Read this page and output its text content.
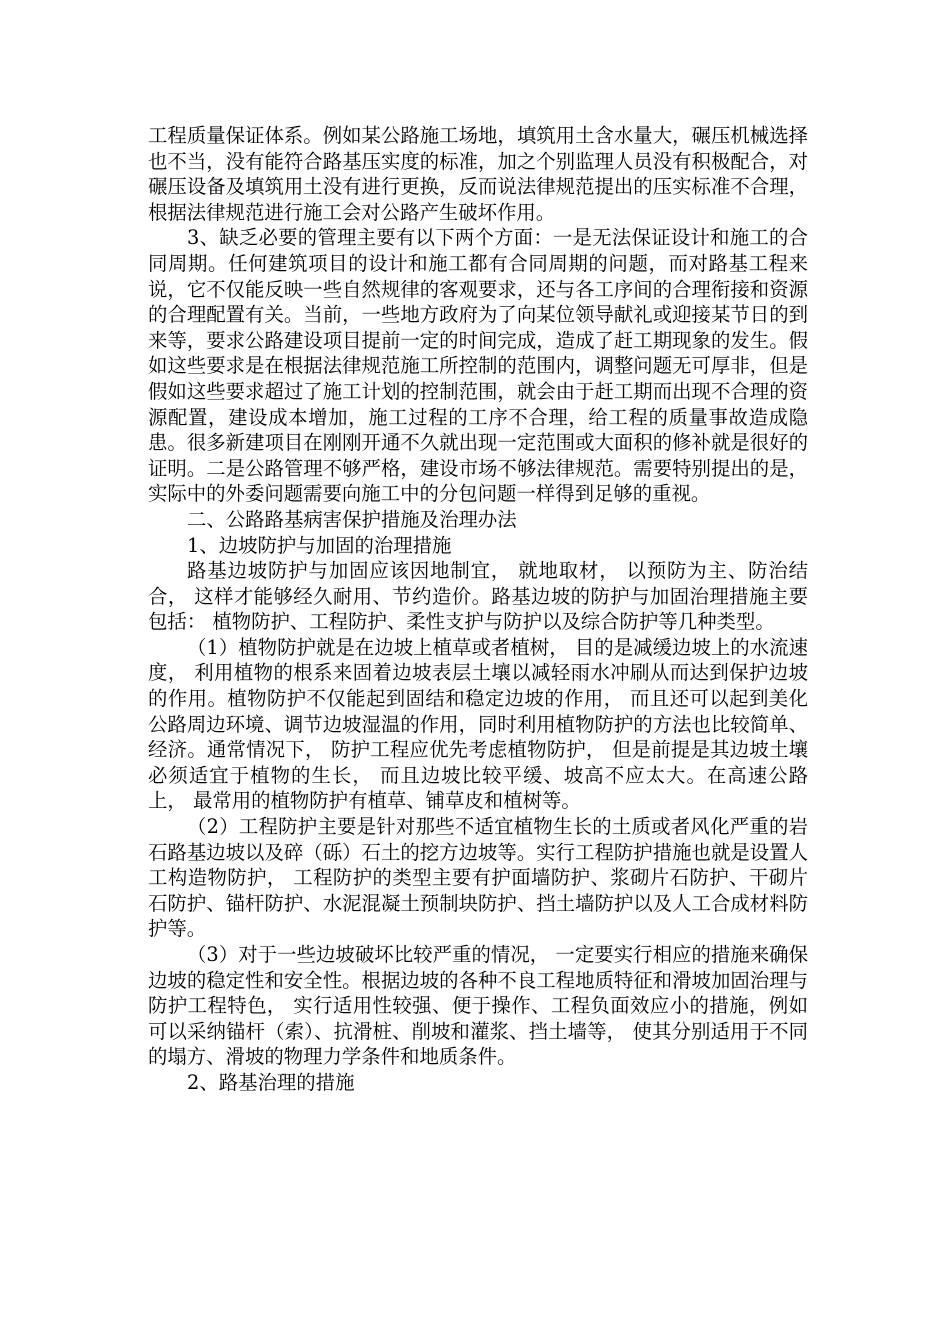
工程质量保证体系。例如某公路施工场地，填筑用土含水量大，碾压机械选择也不当，没有能符合路基压实度的标准，加之个别监理人员没有积极配合，对碾压设备及填筑用土没有进行更换，反而说法律规范提出的压实标准不合理，根据法律规范进行施工会对公路产生破坏作用。

3、缺乏必要的管理主要有以下两个方面：一是无法保证设计和施工的合同周期。任何建筑项目的设计和施工都有合同周期的问题，而对路基工程来说，它不仅能反映一些自然规律的客观要求，还与各工序间的合理衔接和资源的合理配置有关。当前，一些地方政府为了向某位领导献礼或迎接某节日的到来等，要求公路建设项目提前一定的时间完成，造成了赶工期现象的发生。假如这些要求是在根据法律规范施工所控制的范围内，调整问题无可厚非，但是假如这些要求超过了施工计划的控制范围，就会由于赶工期而出现不合理的资源配置，建设成本增加，施工过程的工序不合理，给工程的质量事故造成隐患。很多新建项目在刚刚开通不久就出现一定范围或大面积的修补就是很好的证明。二是公路管理不够严格，建设市场不够法律规范。需要特别提出的是，实际中的外委问题需要向施工中的分包问题一样得到足够的重视。

二、公路路基病害保护措施及治理办法

1、边坡防护与加固的治理措施

路基边坡防护与加固应该因地制宜， 就地取材， 以预防为主、防治结合， 这样才能够经久耐用、节约造价。路基边坡的防护与加固治理措施主要包括： 植物防护、工程防护、柔性支护与防护以及综合防护等几种类型。

（1）植物防护就是在边坡上植草或者植树， 目的是减缓边坡上的水流速度， 利用植物的根系来固着边坡表层土壤以减轻雨水冲刷从而达到保护边坡的作用。植物防护不仅能起到固结和稳定边坡的作用， 而且还可以起到美化公路周边环境、调节边坡湿温的作用，同时利用植物防护的方法也比较简单、经济。通常情况下， 防护工程应优先考虑植物防护， 但是前提是其边坡土壤必须适宜于植物的生长， 而且边坡比较平缓、坡高不应太大。在高速公路上， 最常用的植物防护有植草、铺草皮和植树等。

（2）工程防护主要是针对那些不适宜植物生长的土质或者风化严重的岩石路基边坡以及碎（砾）石土的挖方边坡等。实行工程防护措施也就是设置人工构造物防护， 工程防护的类型主要有护面墙防护、浆砌片石防护、干砌片石防护、锚杆防护、水泥混凝土预制块防护、挡土墙防护以及人工合成材料防护等。

（3）对于一些边坡破坏比较严重的情况， 一定要实行相应的措施来确保边坡的稳定性和安全性。根据边坡的各种不良工程地质特征和滑坡加固治理与防护工程特色， 实行适用性较强、便于操作、工程负面效应小的措施，例如可以采纳锚杆（索）、抗滑桩、削坡和灌浆、挡土墙等， 使其分别适用于不同的塌方、滑坡的物理力学条件和地质条件。

2、路基治理的措施
